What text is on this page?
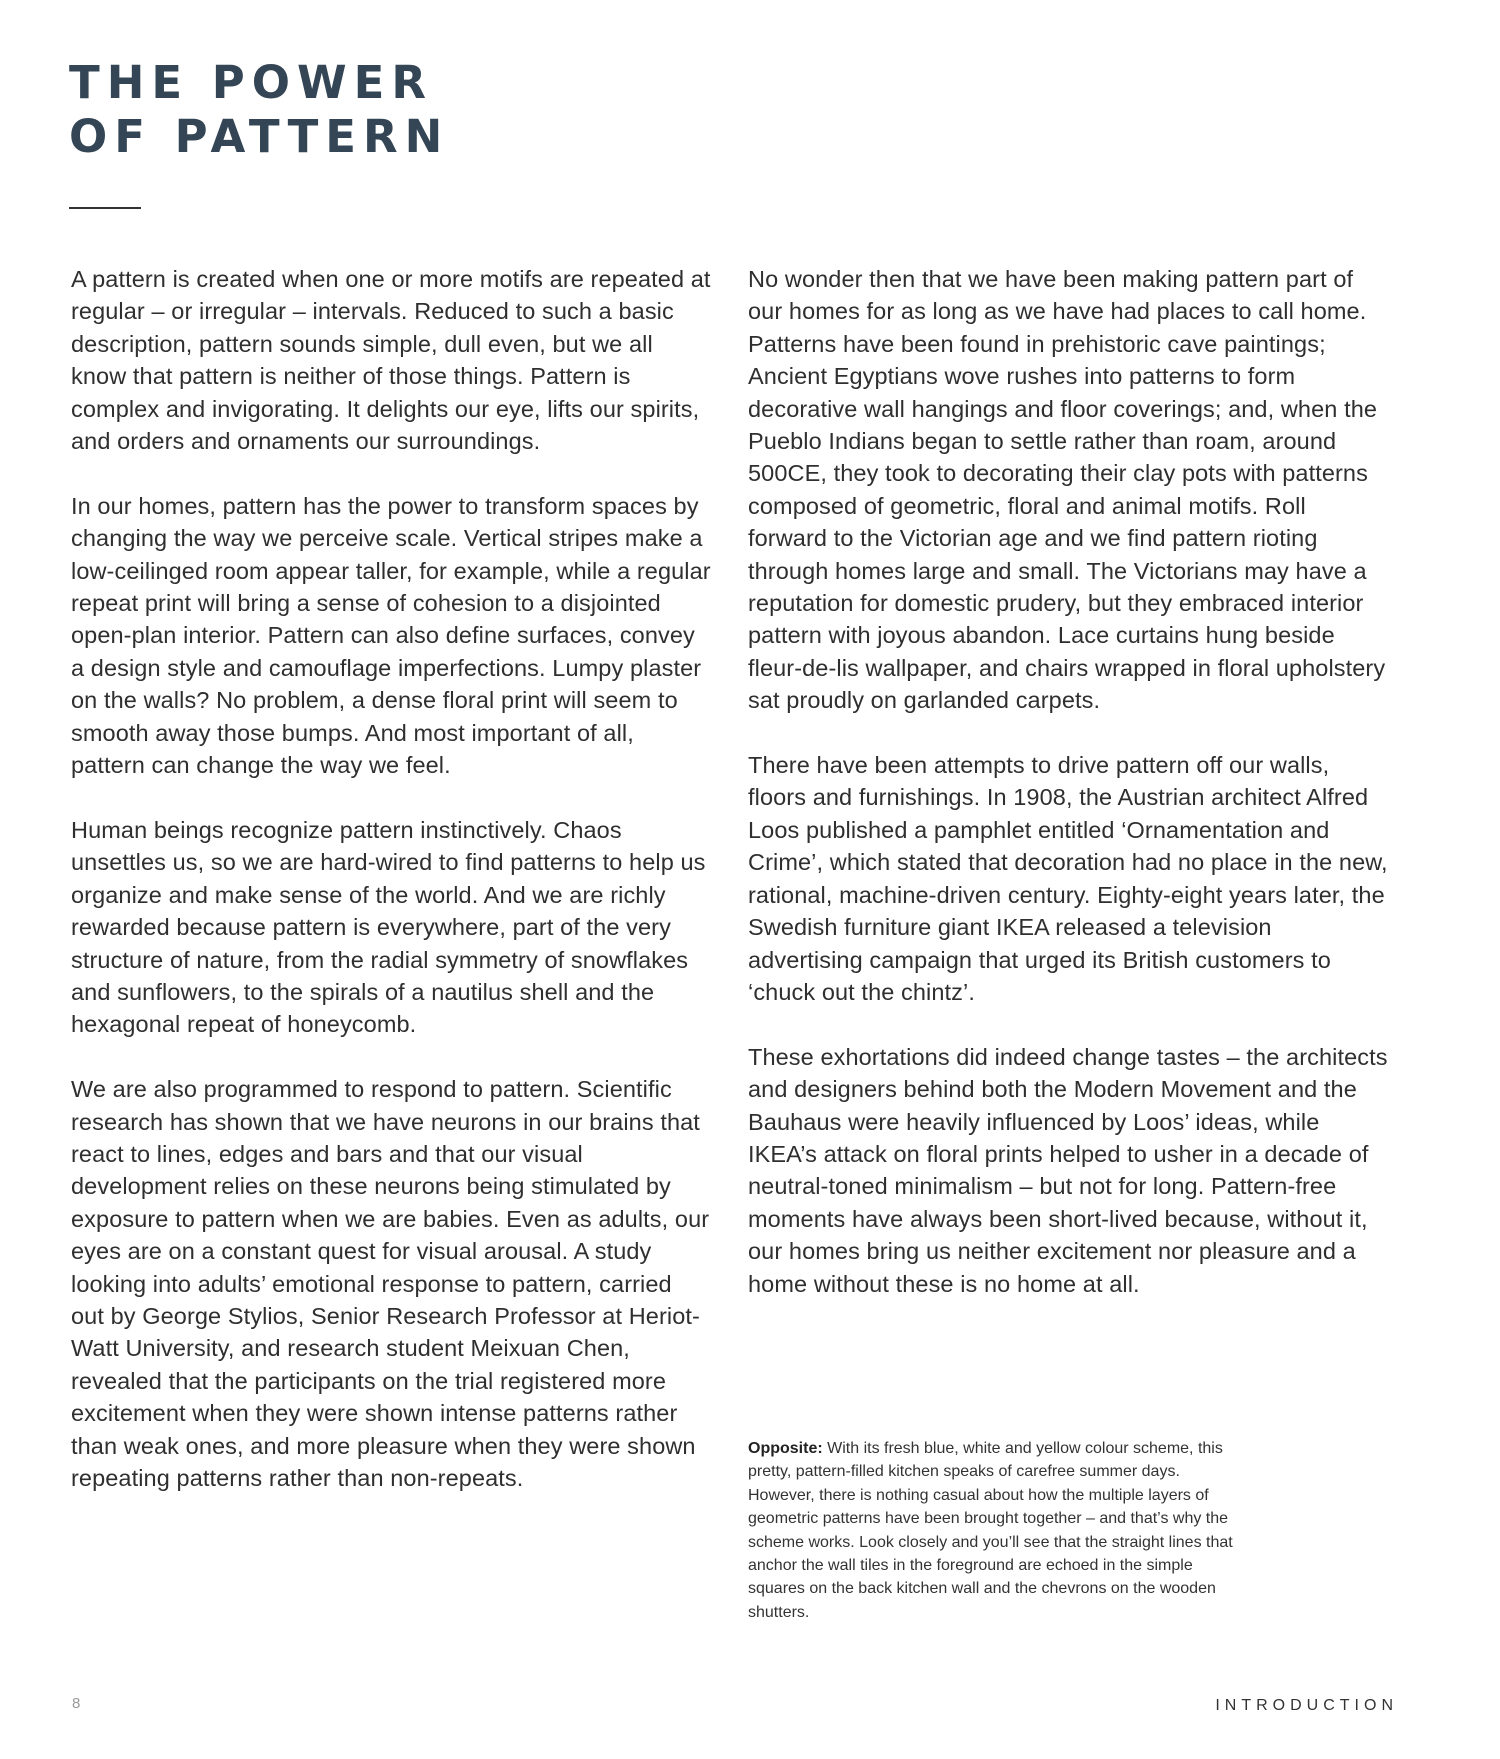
THE POWER
OF PATTERN

A pattern is created when one or more motifs are repeated at regular – or irregular – intervals. Reduced to such a basic description, pattern sounds simple, dull even, but we all know that pattern is neither of those things. Pattern is complex and invigorating. It delights our eye, lifts our spirits, and orders and ornaments our surroundings.

In our homes, pattern has the power to transform spaces by changing the way we perceive scale. Vertical stripes make a low-ceilinged room appear taller, for example, while a regular repeat print will bring a sense of cohesion to a disjointed open-plan interior. Pattern can also define surfaces, convey a design style and camouflage imperfections. Lumpy plaster on the walls? No problem, a dense floral print will seem to smooth away those bumps. And most important of all, pattern can change the way we feel.

Human beings recognize pattern instinctively. Chaos unsettles us, so we are hard-wired to find patterns to help us organize and make sense of the world. And we are richly rewarded because pattern is everywhere, part of the very structure of nature, from the radial symmetry of snowflakes and sunflowers, to the spirals of a nautilus shell and the hexagonal repeat of honeycomb.

We are also programmed to respond to pattern. Scientific research has shown that we have neurons in our brains that react to lines, edges and bars and that our visual development relies on these neurons being stimulated by exposure to pattern when we are babies. Even as adults, our eyes are on a constant quest for visual arousal. A study looking into adults’ emotional response to pattern, carried out by George Stylios, Senior Research Professor at Heriot-Watt University, and research student Meixuan Chen, revealed that the participants on the trial registered more excitement when they were shown intense patterns rather than weak ones, and more pleasure when they were shown repeating patterns rather than non-repeats.

No wonder then that we have been making pattern part of our homes for as long as we have had places to call home. Patterns have been found in prehistoric cave paintings; Ancient Egyptians wove rushes into patterns to form decorative wall hangings and floor coverings; and, when the Pueblo Indians began to settle rather than roam, around 500CE, they took to decorating their clay pots with patterns composed of geometric, floral and animal motifs. Roll forward to the Victorian age and we find pattern rioting through homes large and small. The Victorians may have a reputation for domestic prudery, but they embraced interior pattern with joyous abandon. Lace curtains hung beside fleur-de-lis wallpaper, and chairs wrapped in floral upholstery sat proudly on garlanded carpets.

There have been attempts to drive pattern off our walls, floors and furnishings. In 1908, the Austrian architect Alfred Loos published a pamphlet entitled ‘Ornamentation and Crime’, which stated that decoration had no place in the new, rational, machine-driven century. Eighty-eight years later, the Swedish furniture giant IKEA released a television advertising campaign that urged its British customers to ‘chuck out the chintz’.

These exhortations did indeed change tastes – the architects and designers behind both the Modern Movement and the Bauhaus were heavily influenced by Loos’ ideas, while IKEA’s attack on floral prints helped to usher in a decade of neutral-toned minimalism – but not for long. Pattern-free moments have always been short-lived because, without it, our homes bring us neither excitement nor pleasure and a home without these is no home at all.

Opposite: With its fresh blue, white and yellow colour scheme, this pretty, pattern-filled kitchen speaks of carefree summer days. However, there is nothing casual about how the multiple layers of geometric patterns have been brought together – and that’s why the scheme works. Look closely and you’ll see that the straight lines that anchor the wall tiles in the foreground are echoed in the simple squares on the back kitchen wall and the chevrons on the wooden shutters.

8	INTRODUCTION
